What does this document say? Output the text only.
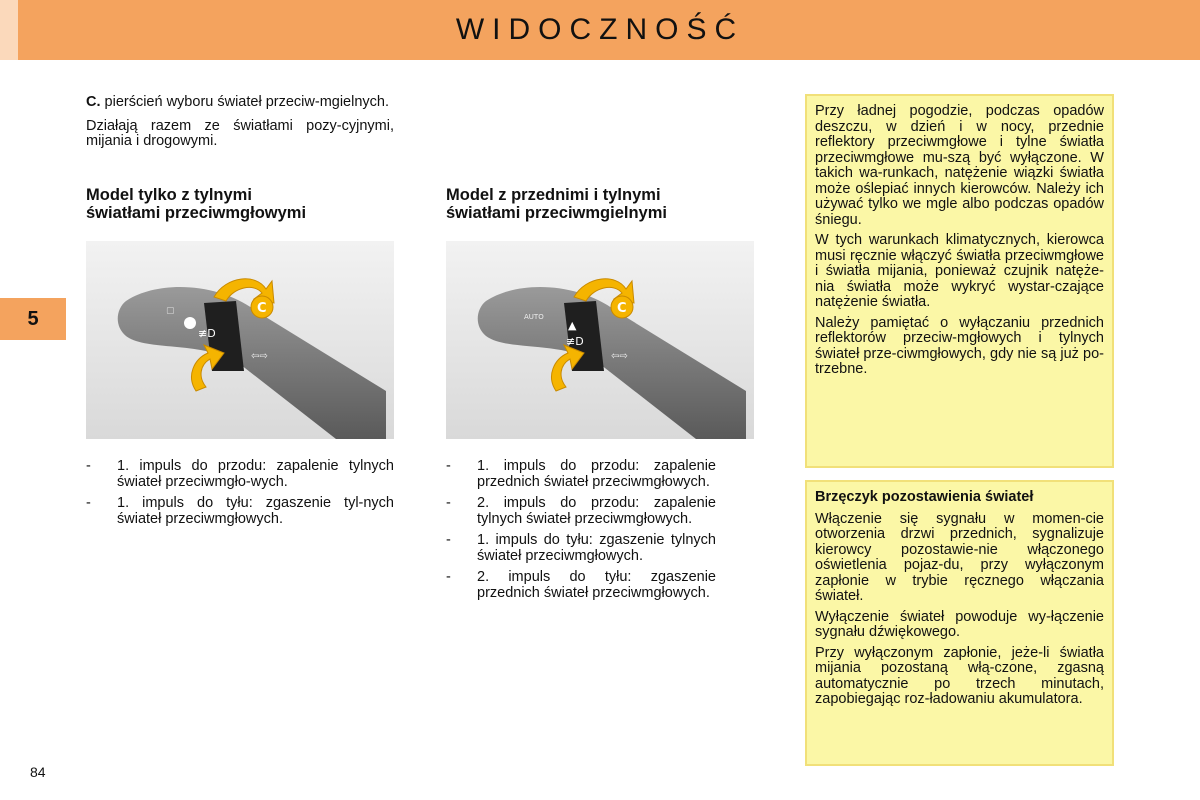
WIDOCZNOŚĆ
5

C. pierścień wyboru świateł przeciw-mgielnych.

Działają razem ze światłami pozy-cyjnymi, mijania i drogowymi.

Model tylko z tylnymi

światłami przeciwmgłowymi

Model z przednimi i tylnymi

światłami przeciwmgielnymi

≢D
▢
⇦⇨
C
AUTO
▲
≢D
⇦⇨
C
- 1. impuls do przodu: zapalenie tylnych świateł przeciwmgło-wych.
- 1. impuls do tyłu: zgaszenie tyl-nych świateł przeciwmgłowych.
- 1. impuls do przodu: zapalenie przednich świateł przeciwmgłowych.
- 2. impuls do przodu: zapalenie tylnych świateł przeciwmgłowych.
- 1. impuls do tyłu: zgaszenie tylnych świateł przeciwmgłowych.
- 2. impuls do tyłu: zgaszenie przednich świateł przeciwmgłowych.

Przy ładnej pogodzie, podczas opadów deszczu, w dzień i w nocy, przednie reflektory przeciwmgłowe i tylne światła przeciwmgłowe mu-szą być wyłączone. W takich wa-runkach, natężenie wiązki światła może oślepiać innych kierowców. Należy ich używać tylko we mgle albo podczas opadów śniegu.

W tych warunkach klimatycznych, kierowca musi ręcznie włączyć światła przeciwmgłowe i światła mijania, ponieważ czujnik natęże-nia światła może wykryć wystar-czające natężenie światła.

Należy pamiętać o wyłączaniu przednich reflektorów przeciw-mgłowych i tylnych świateł prze-ciwmgłowych, gdy nie są już po-trzebne.

Brzęczyk pozostawienia świateł

Włączenie się sygnału w momen-cie otworzenia drzwi przednich, sygnalizuje kierowcy pozostawie-nie włączonego oświetlenia pojaz-du, przy wyłączonym zapłonie w trybie ręcznego włączania świateł.

Wyłączenie świateł powoduje wy-łączenie sygnału dźwiękowego.

Przy wyłączonym zapłonie, jeże-li światła mijania pozostaną włą-czone, zgasną automatycznie po trzech minutach, zapobiegając roz-ładowaniu akumulatora.

84
